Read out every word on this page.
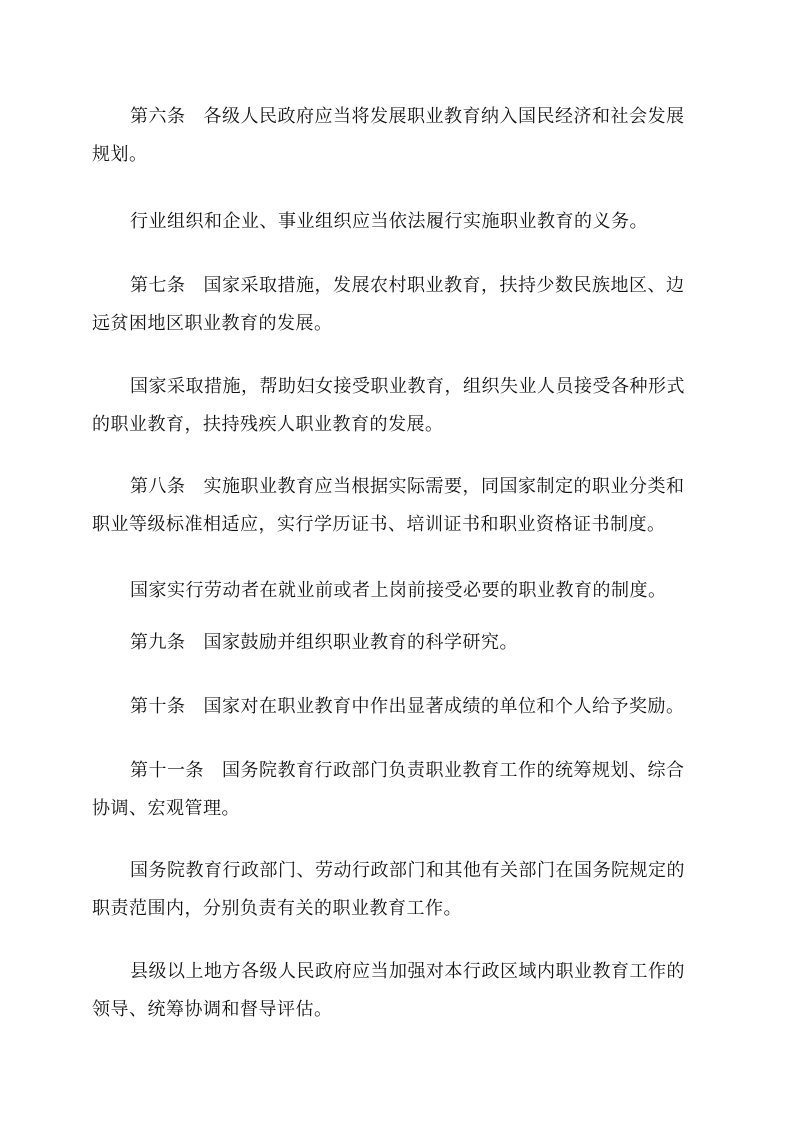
第六条 各级人民政府应当将发展职业教育纳入国民经济和社会发展
规划。
行业组织和企业、事业组织应当依法履行实施职业教育的义务。
第七条 国家采取措施，发展农村职业教育，扶持少数民族地区、边
远贫困地区职业教育的发展。
国家采取措施，帮助妇女接受职业教育，组织失业人员接受各种形式
的职业教育，扶持残疾人职业教育的发展。
第八条 实施职业教育应当根据实际需要，同国家制定的职业分类和
职业等级标准相适应，实行学历证书、培训证书和职业资格证书制度。
国家实行劳动者在就业前或者上岗前接受必要的职业教育的制度。
第九条 国家鼓励并组织职业教育的科学研究。
第十条 国家对在职业教育中作出显著成绩的单位和个人给予奖励。
第十一条 国务院教育行政部门负责职业教育工作的统筹规划、综合
协调、宏观管理。
国务院教育行政部门、劳动行政部门和其他有关部门在国务院规定的
职责范围内，分别负责有关的职业教育工作。
县级以上地方各级人民政府应当加强对本行政区域内职业教育工作的
领导、统筹协调和督导评估。
